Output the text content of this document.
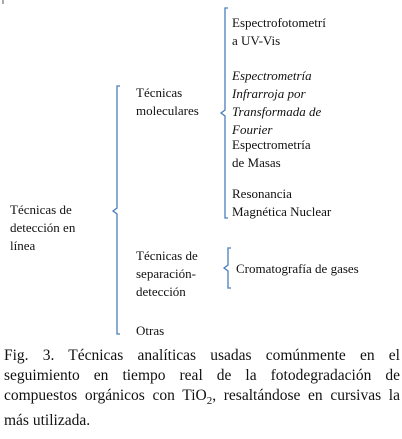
Técnicas de
detección en
línea
Técnicas
moleculares
Espectrofotometrí
a UV-Vis
Espectrometría
Infrarroja por
Transformada de
Fourier
Espectrometría
de Masas
Resonancia
Magnética Nuclear
Técnicas de
separación-
detección
Cromatografía de gases
Otras
Fig. 3. Técnicas analíticas usadas comúnmente en el seguimiento en tiempo real de la fotodegradación de compuestos orgánicos con TiO$_2$, resaltándose en cursivas la más utilizada.
